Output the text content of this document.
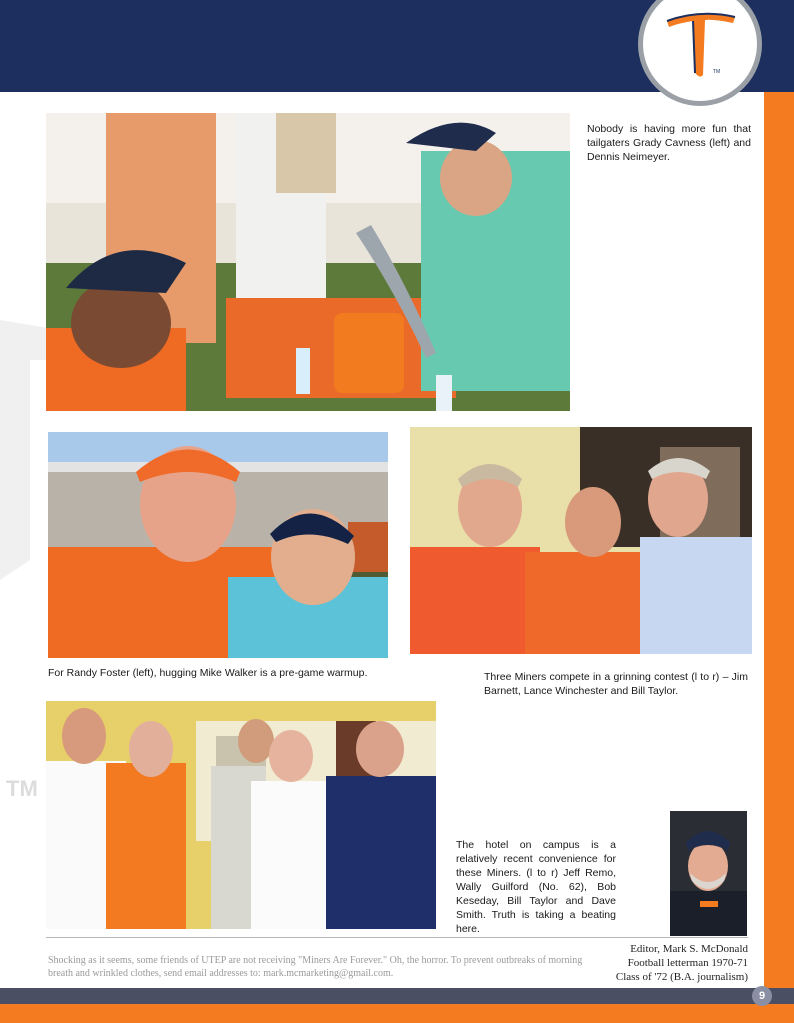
TM
TM
Nobody is having more fun that tailgaters Grady Cavness (left) and Dennis Neimeyer.
For Randy Foster (left), hugging Mike Walker is a pre-game warmup.	Three Miners compete in a grinning contest (l to r) – Jim Barnett, Lance Winchester and Bill Taylor.
The hotel on campus is a relatively recent convenience for these Miners. (l to r) Jeff Remo, Wally Guilford (No. 62), Bob Keseday, Bill Taylor and Dave Smith. Truth is taking a beating here.
Shocking as it seems, some friends of UTEP are not receiving "Miners Are Forever." Oh, the horror. To prevent outbreaks of morning breath and wrinkled clothes, send email addresses to: mark.mcmarketing@gmail.com.
Editor, Mark S. McDonald
Football letterman 1970-71
Class of '72 (B.A. journalism)
9
